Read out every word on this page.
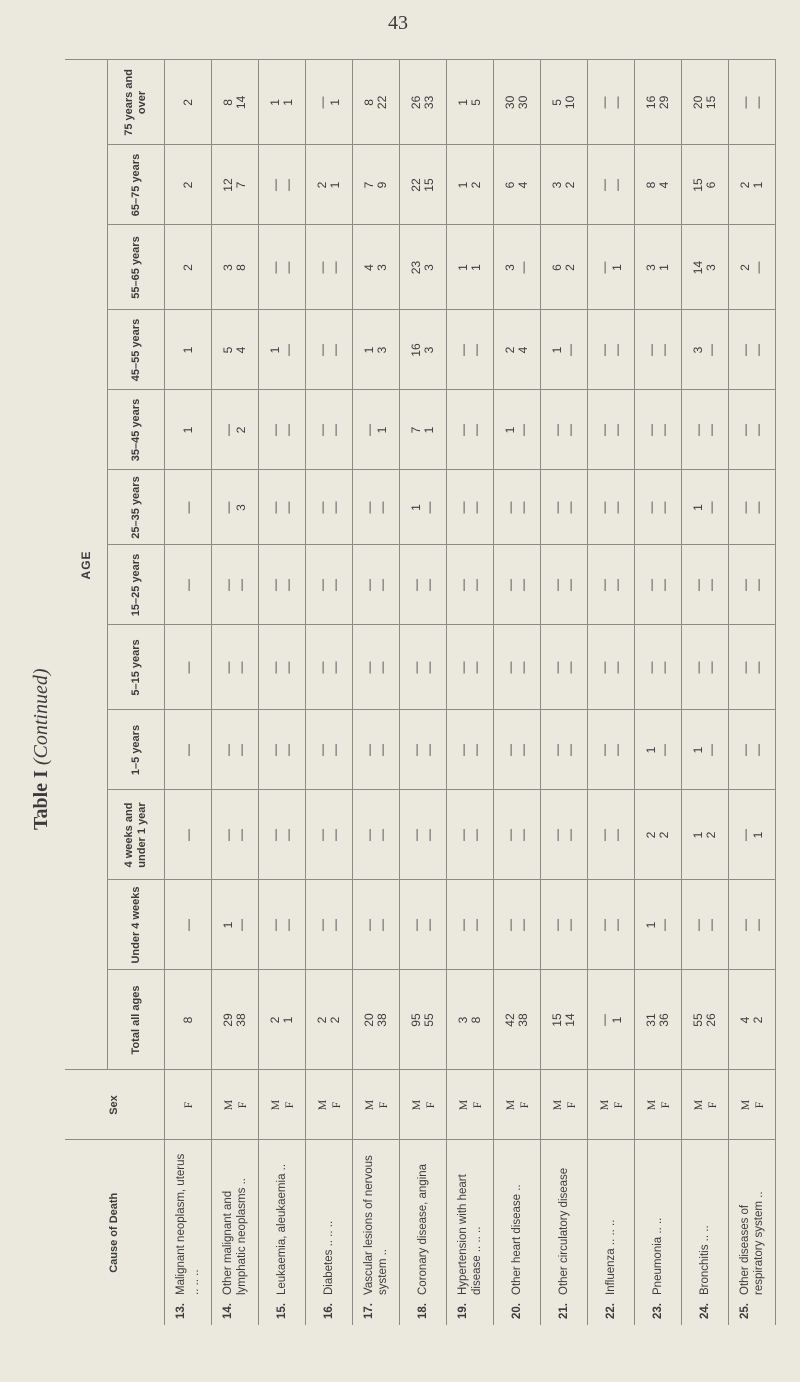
43
Table I (Continued)
Cause of Death	Sex	AGE											
		Total all ages	Under 4 weeks	4 weeks and under 1 year	1–5 years	5–15 years	15–25 years	25–35 years	35–45 years	45–55 years	55–65 years	65–75 years	75 years and over
13.Malignant neoplasm, uterus .. .. ..	F	8	—	—	—	—	—	—	1	1	2	2	2

14.Other malignant and lymphatic neoplasms ..	M F	29 38	1 —	— —	— —	— —	— —	— 3	— 2	5 4	3 8	12 7	8 14

15.Leukaemia, aleukaemia ..	M F	2 1	— —	— —	— —	— —	— —	— —	— —	1 —	— —	— —	1 1

16.Diabetes .. .. ..	M F	2 2	— —	— —	— —	— —	— —	— —	— —	— —	— —	2 1	— 1

17.Vascular lesions of nervous system ..	M F	20 38	— —	— —	— —	— —	— —	— —	— 1	1 3	4 3	7 9	8 22

18.Coronary disease, angina	M F	95 55	— —	— —	— —	— —	— —	1 —	7 1	16 3	23 3	22 15	26 33

19.Hypertension with heart disease .. .. ..	M F	3 8	— —	— —	— —	— —	— —	— —	— —	— —	1 1	1 2	1 5

20.Other heart disease ..	M F	42 38	— —	— —	— —	— —	— —	— —	1 —	2 4	3 —	6 4	30 30

21.Other circulatory disease	M F	15 14	— —	— —	— —	— —	— —	— —	— —	1 —	6 2	3 2	5 10

22.Influenza .. .. ..	M F	— 1	— —	— —	— —	— —	— —	— —	— —	— —	— 1	— —	— —

23.Pneumonia .. ..	M F	31 36	1 —	2 2	1 —	— —	— —	— —	— —	— —	3 1	8 4	16 29

24.Bronchitis .. ..	M F	55 26	— —	1 2	1 —	— —	— —	1 —	— —	3 —	14 3	15 6	20 15

25.Other diseases of respiratory system ..	M F	4 2	— —	— 1	— —	— —	— —	— —	— —	— —	2 —	2 1	— —
